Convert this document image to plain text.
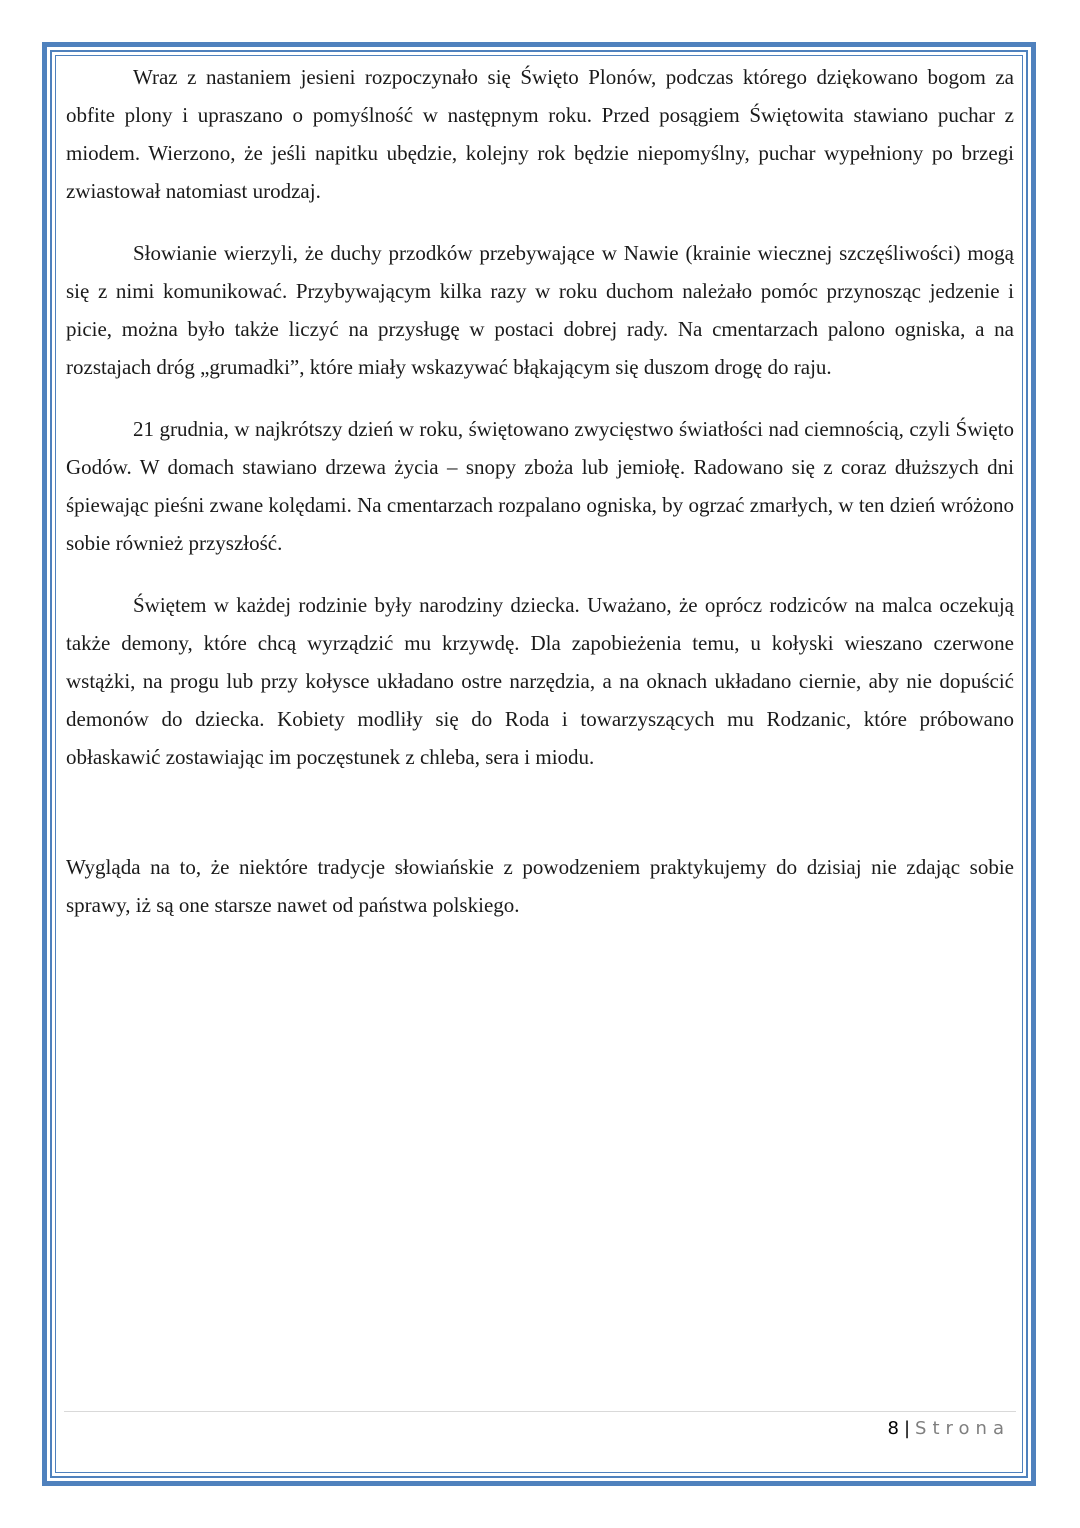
Wraz z nastaniem jesieni rozpoczynało się Święto Plonów, podczas którego dziękowano bogom za obfite plony i upraszano o pomyślność w następnym roku. Przed posągiem Świętowita stawiano puchar z miodem. Wierzono, że jeśli napitku ubędzie, kolejny rok będzie niepomyślny, puchar wypełniony po brzegi zwiastował natomiast urodzaj.

Słowianie wierzyli, że duchy przodków przebywające w Nawie (krainie wiecznej szczęśliwości) mogą się z nimi komunikować. Przybywającym kilka razy w roku duchom należało pomóc przynosząc jedzenie i picie, można było także liczyć na przysługę w postaci dobrej rady. Na cmentarzach palono ogniska, a na rozstajach dróg „grumadki”, które miały wskazywać błąkającym się duszom drogę do raju.

21 grudnia, w najkrótszy dzień w roku, świętowano zwycięstwo światłości nad ciemnością, czyli Święto Godów. W domach stawiano drzewa życia – snopy zboża lub jemiołę. Radowano się z coraz dłuższych dni śpiewając pieśni zwane kolędami. Na cmentarzach rozpalano ogniska, by ogrzać zmarłych, w ten dzień wróżono sobie również przyszłość.

Świętem w każdej rodzinie były narodziny dziecka. Uważano, że oprócz rodziców na malca oczekują także demony, które chcą wyrządzić mu krzywdę. Dla zapobieżenia temu, u kołyski wieszano czerwone wstążki, na progu lub przy kołysce układano ostre narzędzia, a na oknach układano ciernie, aby nie dopuścić demonów do dziecka. Kobiety modliły się do Roda i towarzyszących mu Rodzanic, które próbowano obłaskawić zostawiając im poczęstunek z chleba, sera i miodu.

Wygląda na to, że niektóre tradycje słowiańskie z powodzeniem praktykujemy do dzisiaj nie zdając sobie sprawy, iż są one starsze nawet od państwa polskiego.

8 | Strona
